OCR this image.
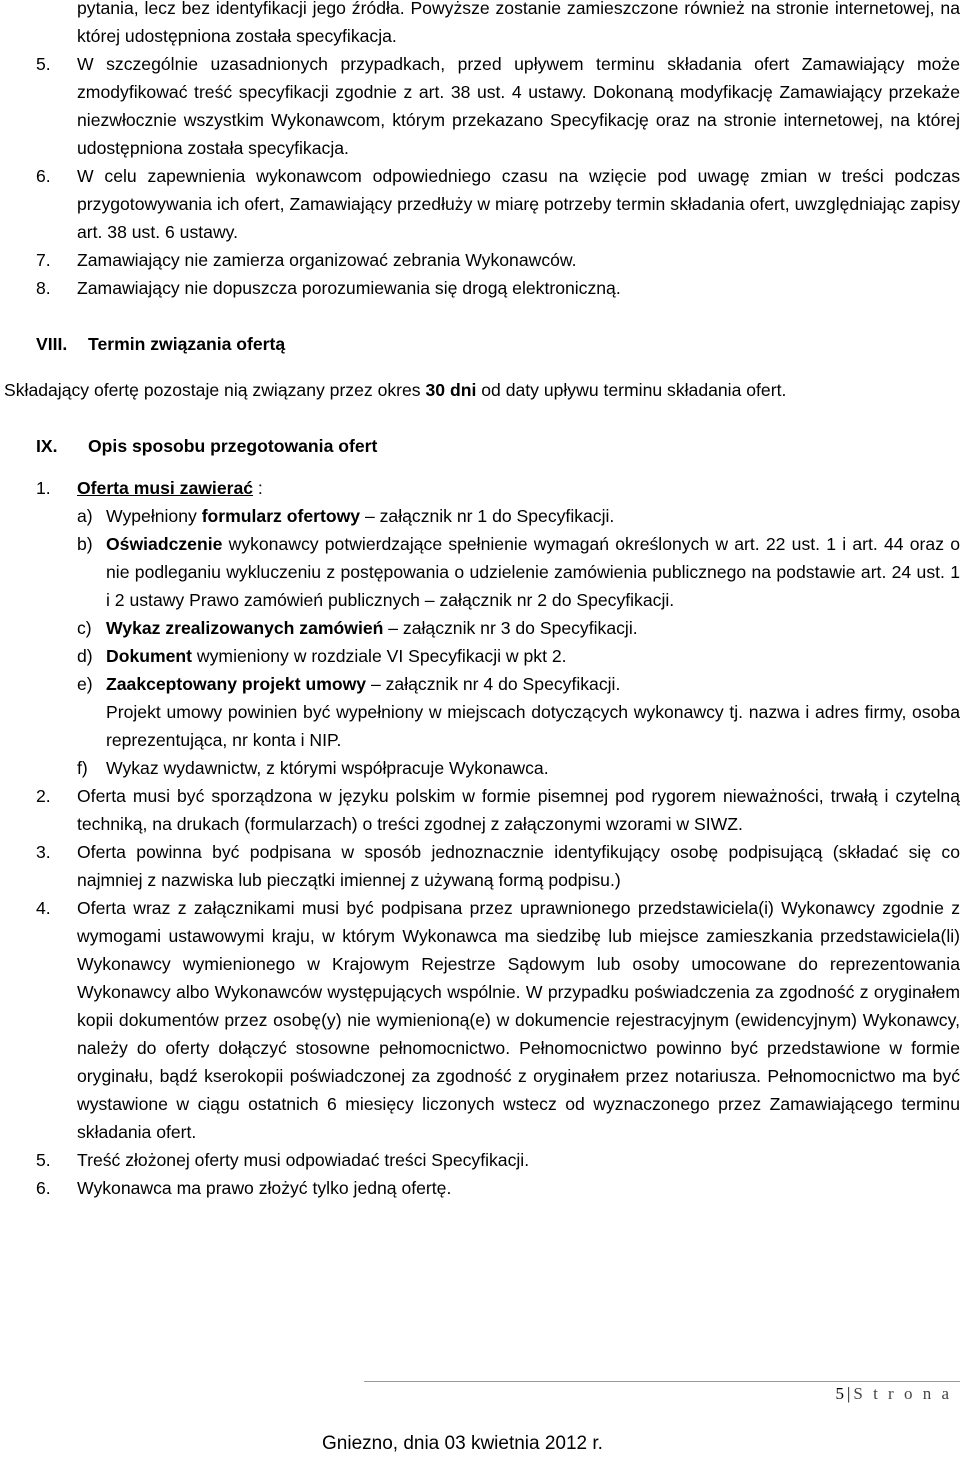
pytania, lecz bez identyfikacji jego źródła. Powyższe zostanie zamieszczone również na stronie internetowej, na której udostępniona została specyfikacja.
5. W szczególnie uzasadnionych przypadkach, przed upływem terminu składania ofert Zamawiający może zmodyfikować treść specyfikacji zgodnie z art. 38 ust. 4 ustawy. Dokonaną modyfikację Zamawiający przekaże niezwłocznie wszystkim Wykonawcom, którym przekazano Specyfikację oraz na stronie internetowej, na której udostępniona została specyfikacja.
6. W celu zapewnienia wykonawcom odpowiedniego czasu na wzięcie pod uwagę zmian w treści podczas przygotowywania ich ofert, Zamawiający przedłuży w miarę potrzeby termin składania ofert, uwzględniając zapisy art. 38 ust. 6 ustawy.
7. Zamawiający nie zamierza organizować zebrania Wykonawców.
8. Zamawiający nie dopuszcza porozumiewania się drogą elektroniczną.
VIII. Termin związania ofertą
Składający ofertę pozostaje nią związany przez okres 30 dni od daty upływu terminu składania ofert.
IX. Opis sposobu przegotowania ofert
1. Oferta musi zawierać :
a) Wypełniony formularz ofertowy – załącznik nr 1 do Specyfikacji.
b) Oświadczenie wykonawcy potwierdzające spełnienie wymagań określonych w art. 22 ust. 1 i art. 44 oraz o nie podleganiu wykluczeniu z postępowania o udzielenie zamówienia publicznego na podstawie art. 24 ust. 1 i 2 ustawy Prawo zamówień publicznych – załącznik nr 2 do Specyfikacji.
c) Wykaz zrealizowanych zamówień – załącznik nr 3 do Specyfikacji.
d) Dokument wymieniony w rozdziale VI Specyfikacji w pkt 2.
e) Zaakceptowany projekt umowy – załącznik nr 4 do Specyfikacji.
Projekt umowy powinien być wypełniony w miejscach dotyczących wykonawcy tj. nazwa i adres firmy, osoba reprezentująca, nr konta i NIP.
f) Wykaz wydawnictw, z którymi współpracuje Wykonawca.
2. Oferta musi być sporządzona w języku polskim w formie pisemnej pod rygorem nieważności, trwałą i czytelną techniką, na drukach (formularzach) o treści zgodnej z załączonymi wzorami w SIWZ.
3. Oferta powinna być podpisana w sposób jednoznacznie identyfikujący osobę podpisującą (składać się co najmniej z nazwiska lub pieczątki imiennej z używaną formą podpisu.)
4. Oferta wraz z załącznikami musi być podpisana przez uprawnionego przedstawiciela(i) Wykonawcy zgodnie z wymogami ustawowymi kraju, w którym Wykonawca ma siedzibę lub miejsce zamieszkania przedstawiciela(li) Wykonawcy wymienionego w Krajowym Rejestrze Sądowym lub osoby umocowane do reprezentowania Wykonawcy albo Wykonawców występujących wspólnie. W przypadku poświadczenia za zgodność z oryginałem kopii dokumentów przez osobę(y) nie wymienioną(e) w dokumencie rejestracyjnym (ewidencyjnym) Wykonawcy, należy do oferty dołączyć stosowne pełnomocnictwo. Pełnomocnictwo powinno być przedstawione w formie oryginału, bądź kserokopii poświadczonej za zgodność z oryginałem przez notariusza. Pełnomocnictwo ma być wystawione w ciągu ostatnich 6 miesięcy liczonych wstecz od wyznaczonego przez Zamawiającego terminu składania ofert.
5. Treść złożonej oferty musi odpowiadać treści Specyfikacji.
6. Wykonawca ma prawo złożyć tylko jedną ofertę.
5|S t r o n a
Gniezno, dnia 03 kwietnia 2012 r.
